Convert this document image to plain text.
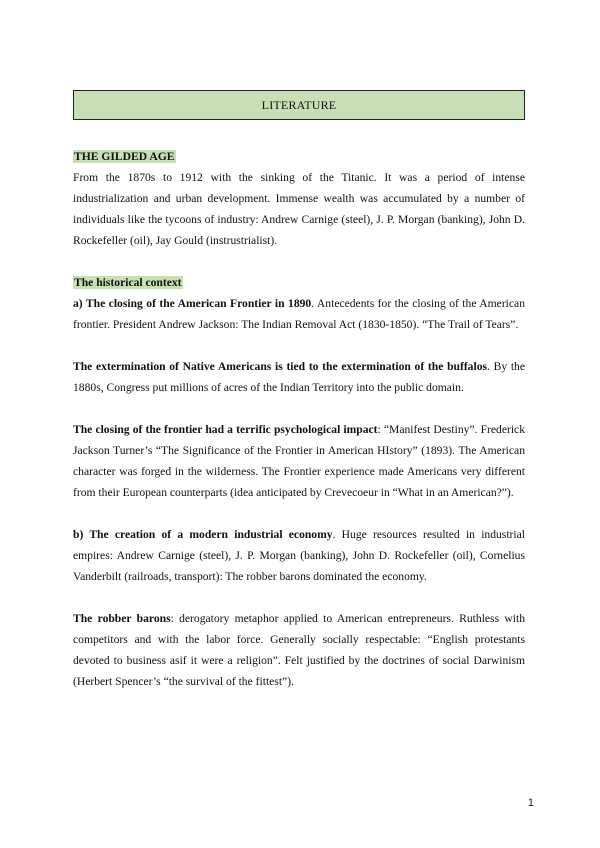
LITERATURE

THE GILDED AGE

From the 1870s to 1912 with the sinking of the Titanic. It was a period of intense industrialization and urban development. Immense wealth was accumulated by a number of individuals like the tycoons of industry: Andrew Carnige (steel), J. P. Morgan (banking), John D. Rockefeller (oil), Jay Gould (instrustrialist).

The historical context

a) The closing of the American Frontier in 1890. Antecedents for the closing of the American frontier. President Andrew Jackson: The Indian Removal Act (1830-1850). “The Trail of Tears”.

The extermination of Native Americans is tied to the extermination of the buffalos. By the 1880s, Congress put millions of acres of the Indian Territory into the public domain.

The closing of the frontier had a terrific psychological impact: “Manifest Destiny”. Frederick Jackson Turner’s “The Significance of the Frontier in American HIstory” (1893). The American character was forged in the wilderness. The Frontier experience made Americans very different from their European counterparts (idea anticipated by Crevecoeur in “What in an American?”).

b) The creation of a modern industrial economy. Huge resources resulted in industrial empires: Andrew Carnige (steel), J. P. Morgan (banking), John D. Rockefeller (oil), Cornelius Vanderbilt (railroads, transport): The robber barons dominated the economy.

The robber barons: derogatory metaphor applied to American entrepreneurs. Ruthless with competitors and with the labor force. Generally socially respectable: “English protestants devoted to business asif it were a religion”. Felt justified by the doctrines of social Darwinism (Herbert Spencer’s “the survival of the fittest”).

1
